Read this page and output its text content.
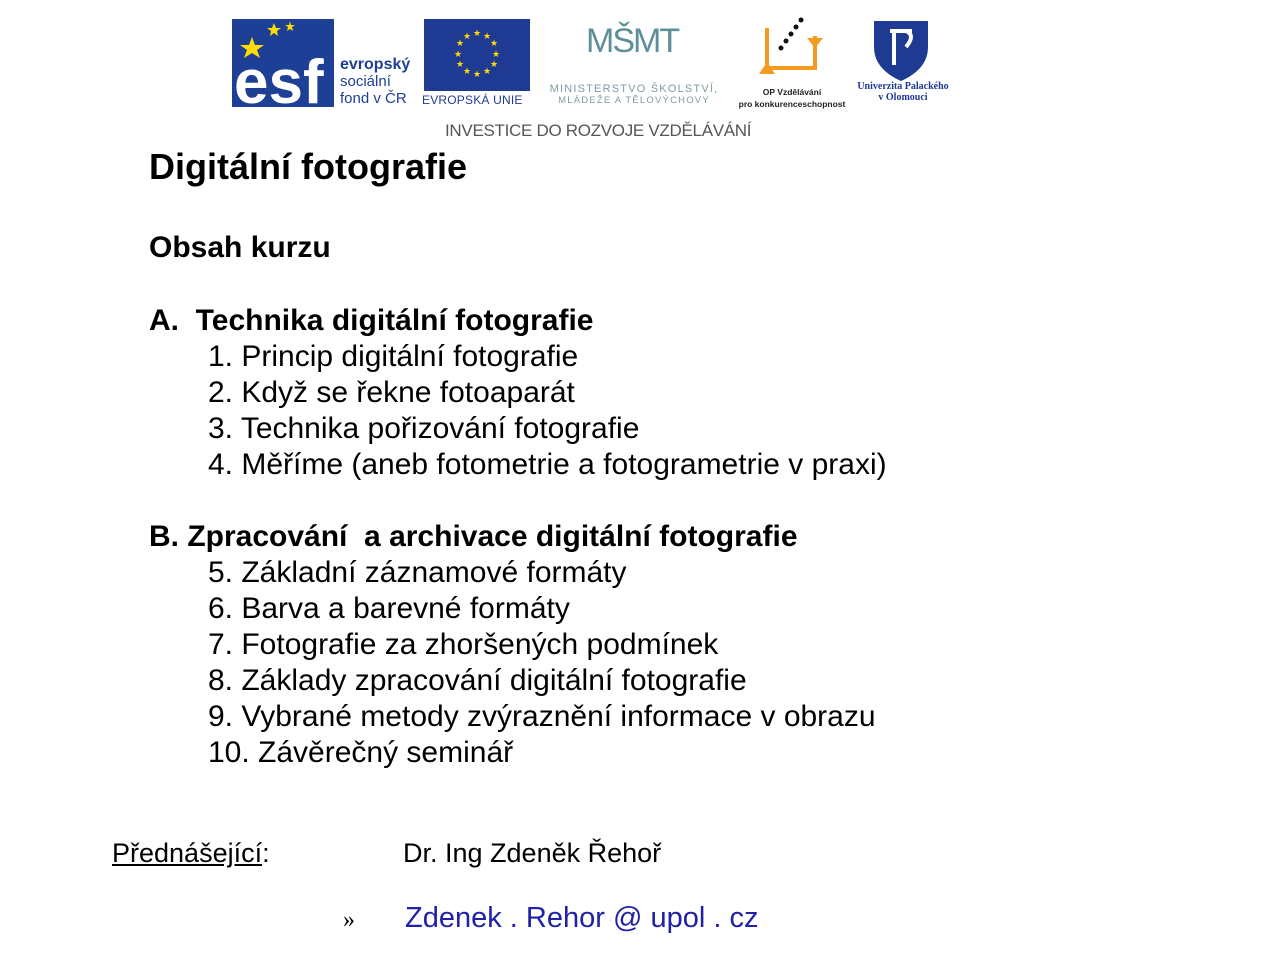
esf evropský
sociální
fond v ČR
★ ★
★
★
★
★
★
★
★
★
★
★
EVROPSKÁ UNIE
MŠMT
MINISTERSTVO ŠKOLSTVÍ,
MLÁDEŽE A TĚLOVÝCHOVY
OP Vzdělávání
pro konkurenceschopnost
Univerzita Palackého
v Olomouci
INVESTICE DO ROZVOJE VZDĚLÁVÁNÍ
Digitální fotografie
Obsah kurzu
A.  Technika digitální fotografie
1. Princip digitální fotografie
2. Když se řekne fotoaparát
3. Technika pořizování fotografie
4. Měříme (aneb fotometrie a fotogrametrie v praxi)
B. Zpracování  a archivace digitální fotografie
5. Základní záznamové formáty
6. Barva a barevné formáty
7. Fotografie za zhoršených podmínek
8. Základy zpracování digitální fotografie
9. Vybrané metody zvýraznění informace v obrazu
10. Závěrečný seminář
Přednášející:	Dr. Ing Zdeněk Řehoř
» Zdenek . Rehor @ upol . cz
